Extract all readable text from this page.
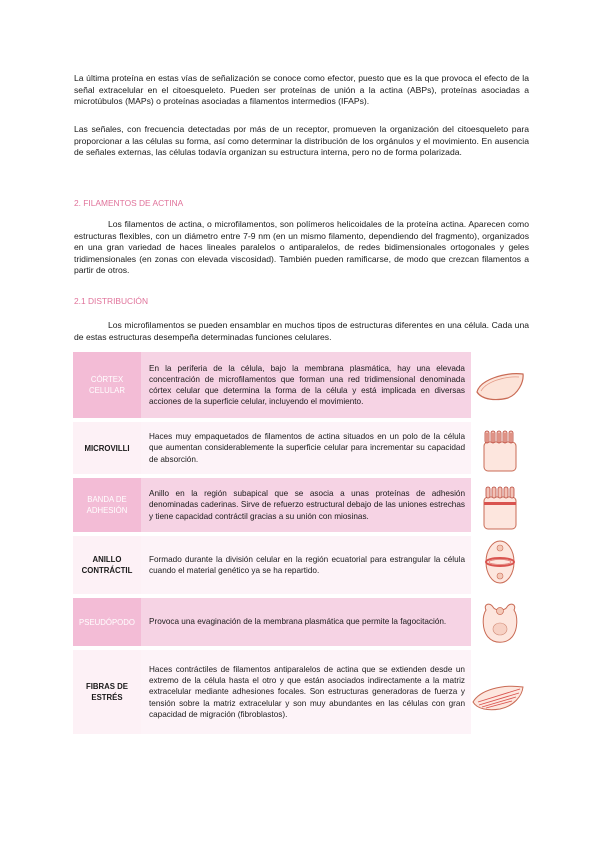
La última proteína en estas vías de señalización se conoce como efector, puesto que es la que provoca el efecto de la señal extracelular en el citoesqueleto. Pueden ser proteínas de unión a la actina (ABPs), proteínas asociadas a microtúbulos (MAPs) o proteínas asociadas a filamentos intermedios (IFAPs).

Las señales, con frecuencia detectadas por más de un receptor, promueven la organización del citoesqueleto para proporcionar a las células su forma, así como determinar la distribución de los orgánulos y el movimiento. En ausencia de señales externas, las células todavía organizan su estructura interna, pero no de forma polarizada.

2. FILAMENTOS DE ACTINA

Los filamentos de actina, o microfilamentos, son polímeros helicoidales de la proteína actina. Aparecen como estructuras flexibles, con un diámetro entre 7-9 nm (en un mismo filamento, dependiendo del fragmento), organizados en una gran variedad de haces lineales paralelos o antiparalelos, de redes bidimensionales ortogonales y geles tridimensionales (en zonas con elevada viscosidad). También pueden ramificarse, de modo que crezcan filamentos a partir de otros.

2.1 DISTRIBUCIÓN

Los microfilamentos se pueden ensamblar en muchos tipos de estructuras diferentes en una célula. Cada una de estas estructuras desempeña determinadas funciones celulares.

CÓRTEX CELULAR	En la periferia de la célula, bajo la membrana plasmática, hay una elevada concentración de microfilamentos que forman una red tridimensional denominada córtex celular que determina la forma de la célula y está implicada en diversas acciones de la superficie celular, incluyendo el movimiento.
MICROVILLI	Haces muy empaquetados de filamentos de actina situados en un polo de la célula que aumentan considerablemente la superficie celular para incrementar su capacidad de absorción.
BANDA DE ADHESIÓN	Anillo en la región subapical que se asocia a unas proteínas de adhesión denominadas caderinas. Sirve de refuerzo estructural debajo de las uniones estrechas y tiene capacidad contráctil gracias a su unión con miosinas.
ANILLO CONTRÁCTIL	Formado durante la división celular en la región ecuatorial para estrangular la célula cuando el material genético ya se ha repartido.
PSEUDÓPODO	Provoca una evaginación de la membrana plasmática que permite la fagocitación.
FIBRAS DE ESTRÉS	Haces contráctiles de filamentos antiparalelos de actina que se extienden desde un extremo de la célula hasta el otro y que están asociados indirectamente a la matriz extracelular mediante adhesiones focales. Son estructuras generadoras de fuerza y tensión sobre la matriz extracelular y son muy abundantes en las células con gran capacidad de migración (fibroblastos).
